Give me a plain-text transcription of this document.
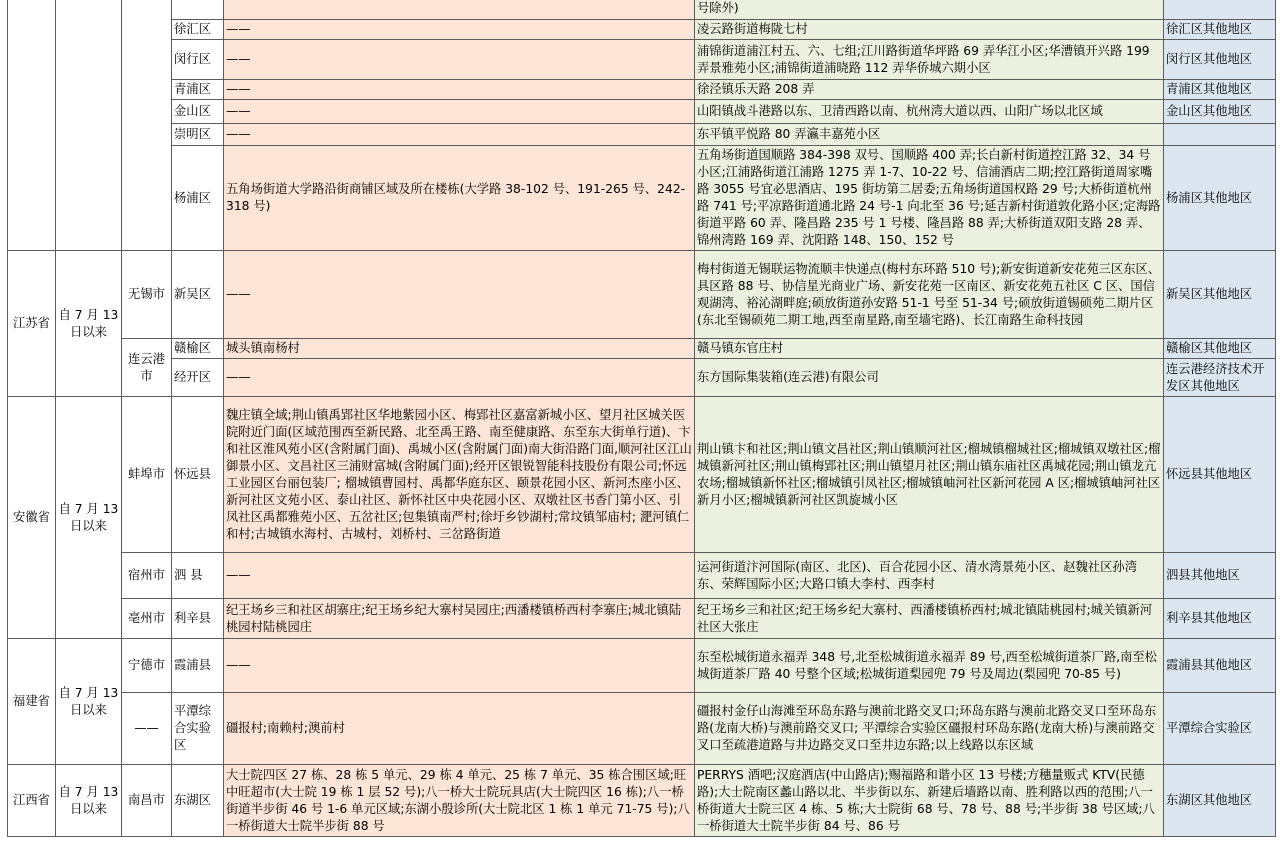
					号除外)	
			徐汇区	——	凌云路街道梅陇七村	徐汇区其他地区
			闵行区	——	浦锦街道浦江村五、六、七组;江川路街道华坪路 69 弄华江小区;华漕镇开兴路 199 弄景雅苑小区;浦锦街道浦晓路 112 弄华侨城六期小区	闵行区其他地区
			青浦区	——	徐泾镇乐天路 208 弄	青浦区其他地区
			金山区	——	山阳镇战斗港路以东、卫清西路以南、杭州湾大道以西、山阳广场以北区域	金山区其他地区
			崇明区	——	东平镇平悦路 80 弄瀛丰嘉苑小区	
			杨浦区	五角场街道大学路沿街商铺区域及所在楼栋(大学路 38-102 号、191-265 号、242-318 号)	五角场街道国顺路 384-398 双号、国顺路 400 弄;长白新村街道控江路 32、34 号小区;江浦路街道江浦路 1275 弄 1-7、10-22 号、信浦酒店二期;控江路街道周家嘴路 3055 号宜必思酒店、195 街坊第二居委;五角场街道国权路 29 号;大桥街道杭州路 741 号;平凉路街道通北路 24 号-1 向北至 36 号;延吉新村街道敦化路小区;定海路街道平路 60 弄、隆昌路 235 号 1 号楼、隆昌路 88 弄;大桥街道双阳支路 28 弄、锦州湾路 169 弄、沈阳路 148、150、152 号	杨浦区其他地区
江苏省	自 7 月 13 日以来	无锡市	新吴区	——	梅村街道无锡联运物流顺丰快递点(梅村东环路 510 号);新安街道新安花苑三区东区、具区路 88 号、协信星光商业广场、新安花苑一区南区、新安花苑五社区 C 区、国信观湖湾、裕沁湖畔庭;硕放街道孙安路 51-1 号至 51-34 号;硕放街道锡硕苑二期片区(东北至锡硕苑二期工地,西至南星路,南至墙宅路)、长江南路生命科技园	新吴区其他地区
		连云港市	赣榆区	城头镇南杨村	赣马镇东官庄村	赣榆区其他地区
			经开区	——	东方国际集装箱(连云港)有限公司	连云港经济技术开发区其他地区
安徽省	自 7 月 13 日以来	蚌埠市	怀远县	魏庄镇全域;荆山镇禹郢社区华地紫园小区、梅郢社区嘉富新城小区、望月社区城关医院附近门面(区域范围西至新民路、北至禹王路、南至健康路、东至东大街单行道)、卞和社区淮风苑小区(含附属门面)、禹城小区(含附属门面)南大街沿路门面,顺河社区江山御景小区、文昌社区三浦财富城(含附属门面);经开区银锐智能科技股份有限公司;怀远工业园区台丽包装厂; 榴城镇曹园村、禹都华庭东区、颐景花园小区、新河杰座小区、新河社区文苑小区、泰山社区、新怀社区中央花园小区、双墩社区书香门第小区、引凤社区禹都雅苑小区、五岔社区;包集镇南严村;徐圩乡钞湖村;常坟镇邹庙村; 淝河镇仁和村;古城镇水海村、古城村、刘桥村、三岔路街道	荆山镇卞和社区;荆山镇文昌社区;荆山镇顺河社区;榴城镇榴城社区;榴城镇双墩社区;榴城镇新河社区;荆山镇梅郢社区;荆山镇望月社区;荆山镇东庙社区禹城花园;荆山镇龙亢农场;榴城镇新怀社区;榴城镇引凤社区;榴城镇岫河社区新河花园 A 区;榴城镇岫河社区新月小区;榴城镇新河社区凯旋城小区	怀远县其他地区
		宿州市	泗 县	——	运河街道汴河国际(南区、北区)、百合花园小区、清水湾景苑小区、赵魏社区孙湾东、荣辉国际小区;大路口镇大李村、西李村	泗县其他地区
		亳州市	利辛县	纪王场乡三和社区胡寨庄;纪王场乡纪大寨村吴园庄;西潘楼镇桥西村李寨庄;城北镇陆桃园村陆桃园庄	纪王场乡三和社区;纪王场乡纪大寨村、西潘楼镇桥西村;城北镇陆桃园村;城关镇新河社区大张庄	利辛县其他地区
福建省	自 7 月 13 日以来	宁德市	霞浦县	——	东至松城街道永福弄 348 号,北至松城街道永福弄 89 号,西至松城街道茶厂路,南至松城街道茶厂路 40 号整个区域;松城街道梨园兜 79 号及周边(梨园兜 70-85 号)	霞浦县其他地区
		——	平潭综合实验区	礓报村;南赖村;澳前村	礓报村金仔山海滩至环岛东路与澳前北路交叉口;环岛东路与澳前北路交叉口至环岛东路(龙南大桥)与澳前路交叉口; 平潭综合实验区礓报村环岛东路(龙南大桥)与澳前路交叉口至疏港道路与井边路交叉口至井边东路;以上线路以东区域	平潭综合实验区
江西省	自 7 月 13 日以来	南昌市	东湖区	大士院四区 27 栋、28 栋 5 单元、29 栋 4 单元、25 栋 7 单元、35 栋合围区域;旺中旺超市(大士院 19 栋 1 层 52 号);八一桥大士院玩具店(大士院四区 16 栋);八一桥街道半步街 46 号 1-6 单元区域;东湖小殷诊所(大士院北区 1 栋 1 单元 71-75 号);八一桥街道大士院半步街 88 号	PERRYS 酒吧;汉庭酒店(中山路店);赐福路和谐小区 13 号楼;方穗量贩式 KTV(民德路);大士院南区蠡山路以北、半步街以东、新建后墙路以南、胜利路以西的范围;八一桥街道大士院三区 4 栋、5 栋;大士院街 68 号、78 号、88 号;半步街 38 号区域;八一桥街道大士院半步街 84 号、86 号	东湖区其他地区
